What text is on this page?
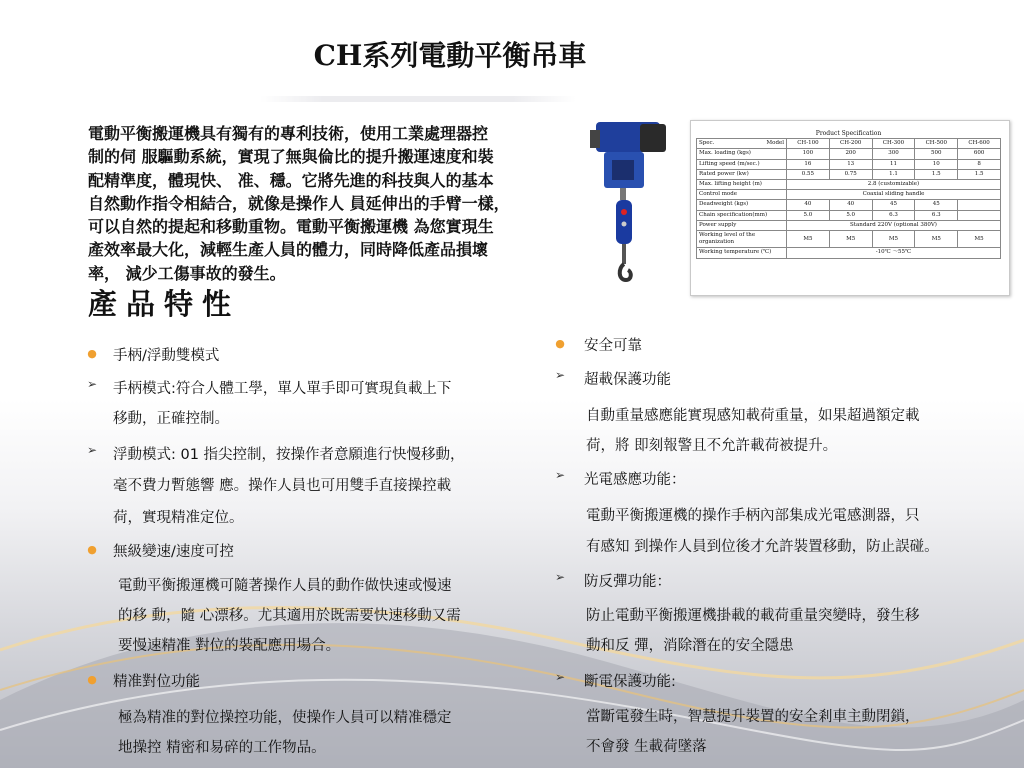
CH系列電動平衡吊車
電動平衡搬運機具有獨有的專利技術，使用工業處理器控
制的伺 服驅動系統，實現了無與倫比的提升搬運速度和裝
配精準度，體現快、 准、穩。它將先進的科技與人的基本
自然動作指令相結合，就像是操作人 員延伸出的手臂一樣，
可以自然的提起和移動重物。電動平衡搬運機 為您實現生
產效率最大化，減輕生產人員的體力，同時降低產品損壞
率， 減少工傷事故的發生。
產品特性
Product Specification					
Spec. Model	CH-100	CH-200	CH-300	CH-500	CH-600
Max. loading (kgs)	100	200	300	500	600
Lifting speed (m/sec.)	16	13	11	10	8
Rated power (kw)	0.55	0.75	1.1	1.5	1.5
Max. lifting height (m)	2.8 (customizable)				
Control mode	Coaxial sliding handle				
Deadweight (kgs)	40	40	45	45	
Chain specification(mm)	5.0	5.0	6.3	6.3	
Power supply	Standard 220V (optional 380V)				
Working level of the organization	M5	M5	M5	M5	M5
Working temperature (℃)	-10℃ ～55℃				
● 手柄/浮動雙模式
➢ 手柄模式:符合人體工學，單人單手即可實現負載上下
移動，正確控制。
➢ 浮動模式: 01 指尖控制，按操作者意願進行快慢移動，
毫不費力暫態響 應。操作人員也可用雙手直接操控載
荷，實現精准定位。
● 無級變速/速度可控
電動平衡搬運機可隨著操作人員的動作做快速或慢速
的移 動，隨 心漂移。尤其適用於既需要快速移動又需
要慢速精准 對位的裝配應用場合。
● 精准對位功能
極為精准的對位操控功能，使操作人員可以精准穩定
地操控 精密和易碎的工作物品。
● 安全可靠
➢ 超載保護功能
自動重量感應能實現感知載荷重量，如果超過額定載
荷，將 即刻報警且不允許載荷被提升。
➢ 光電感應功能：
電動平衡搬運機的操作手柄內部集成光電感測器，只
有感知 到操作人員到位後才允許裝置移動，防止誤碰。
➢ 防反彈功能：
防止電動平衡搬運機掛載的載荷重量突變時，發生移
動和反 彈，消除潛在的安全隱患
➢ 斷電保護功能:
當斷電發生時，智慧提升裝置的安全剎車主動閉鎖，
不會發 生載荷墜落
